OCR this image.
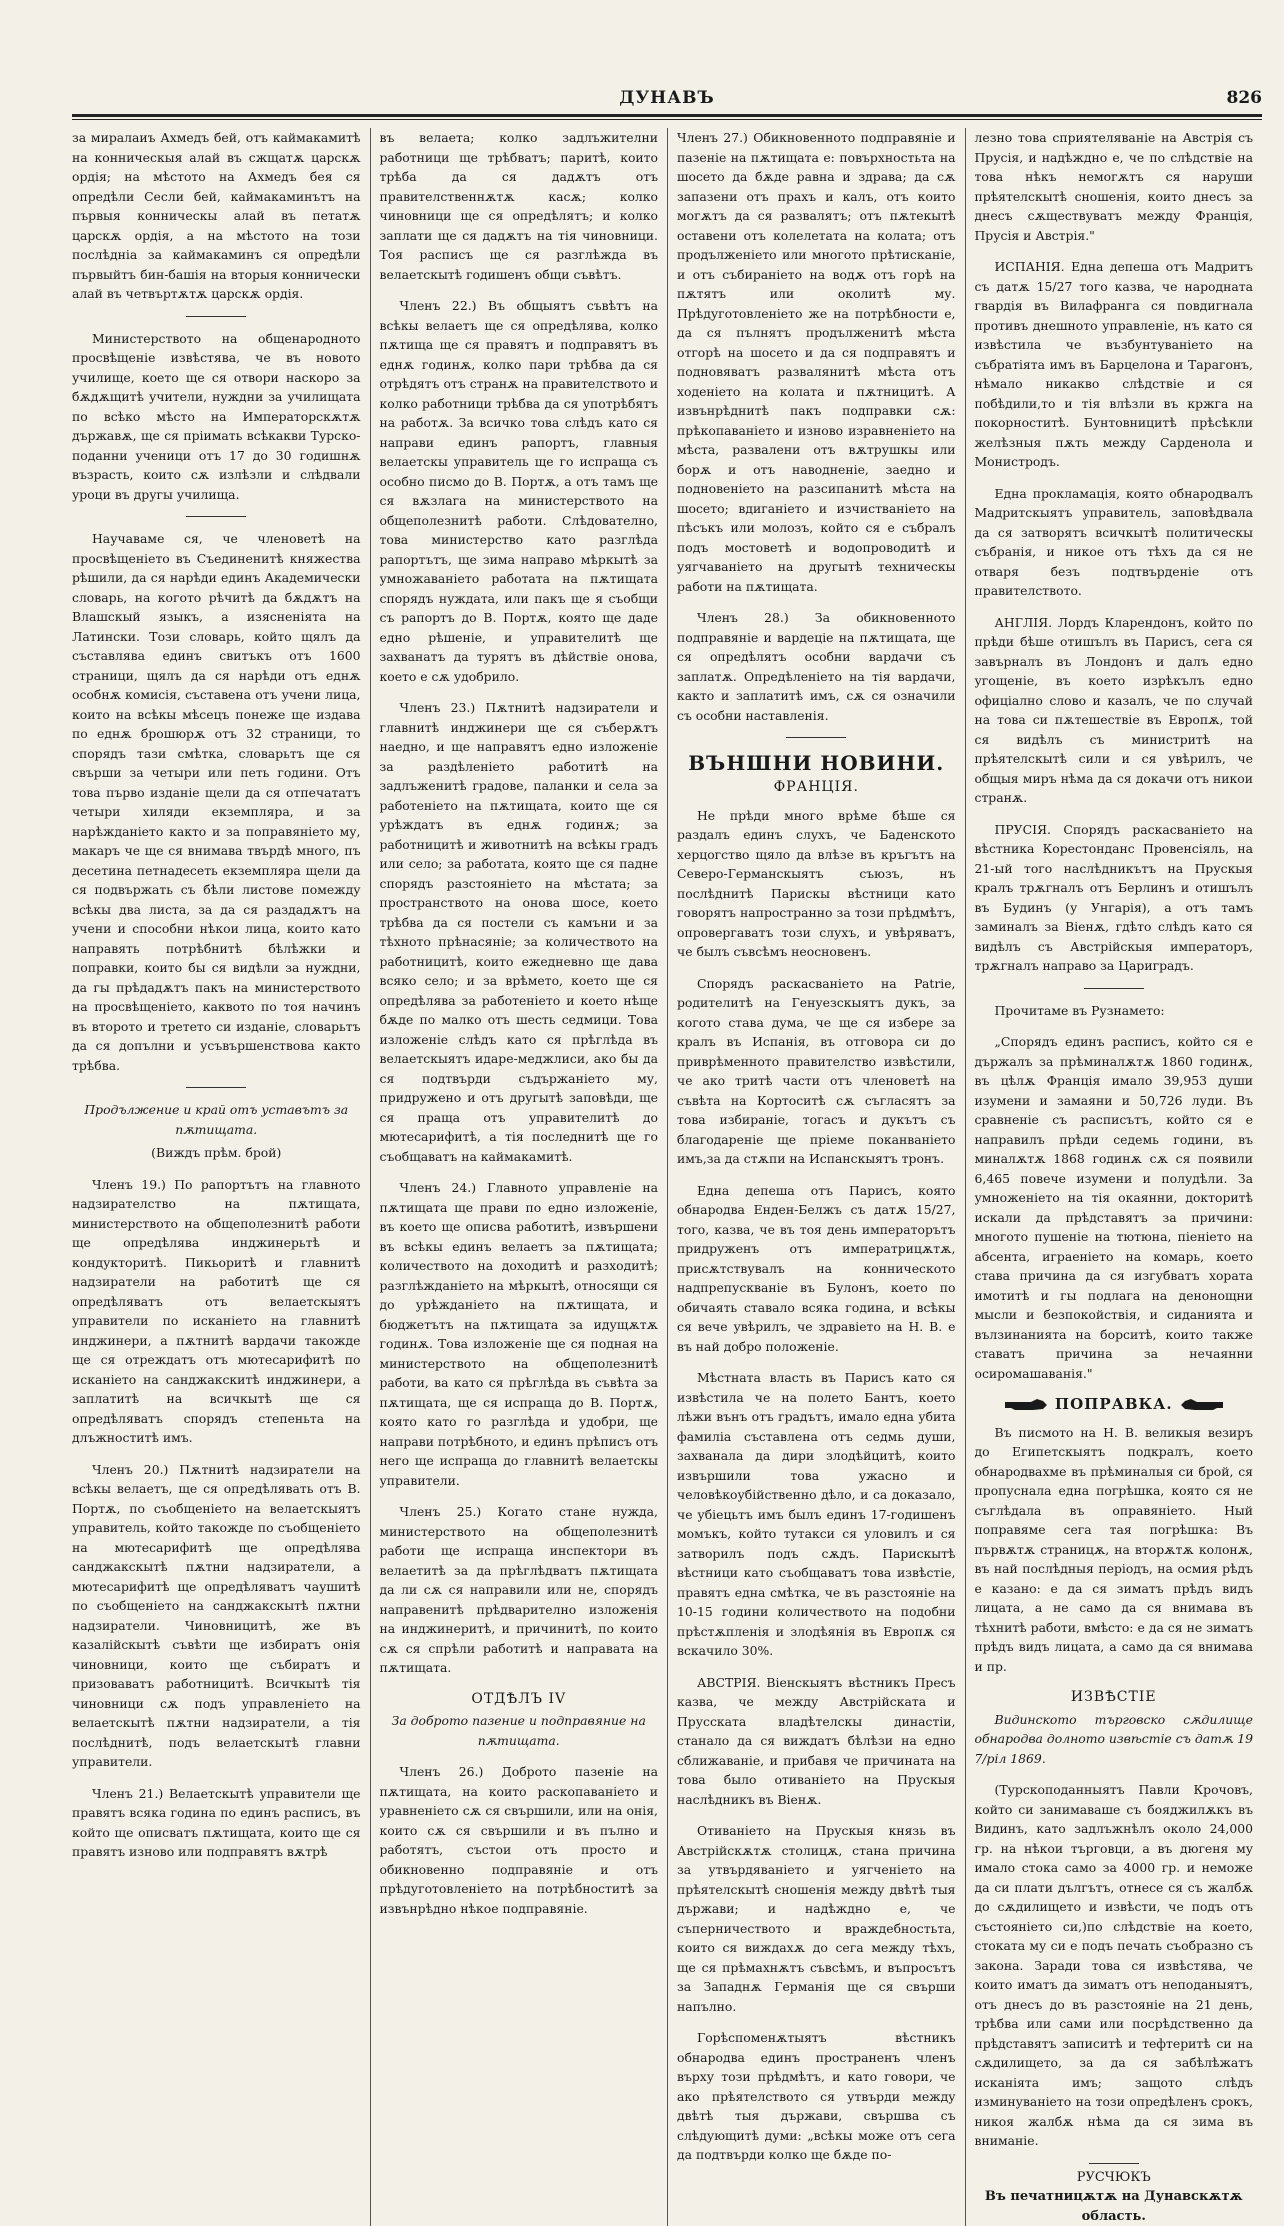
ДУНАВЪ	826

за миралаиъ Ахмедъ бей, отъ каймакамитѣ на конническыя алай въ сжщатѫ царскѫ ордія; на мѣстото на Ахмедъ бея ся опредѣли Сесли бей, каймакаминътъ на първыя конническы алай въ петатѫ царскѫ ордія, а на мѣстото на този послѣдніа за каймакаминъ ся опредѣли първыйтъ бин-башія на вторыя коннически алай въ четвъртѫтѫ царскѫ ордія.

Министерството на общенародното просвѣщеніе извѣстява, че въ новото училище, което ще ся отвори наскоро за бѫдѫщитѣ учители, нуждни за училищата по всѣко мѣсто на Императорскѫтѫ държавѫ, ще ся пріимать всѣкакви Турско-поданни ученици отъ 17 до 30 годишнѫ възрасть, които сѫ излѣзли и слѣдвали уроци въ другы училища.

Научаваме ся, че членоветѣ на просвѣщеніето въ Съединенитѣ княжества рѣшили, да ся нарѣди единъ Академически словарь, на когото рѣчитѣ да бѫдѫтъ на Влашскый языкъ, а изясненіята на Латински. Този словарь, който щялъ да съставлява единъ свитъкъ отъ 1600 страници, щялъ да ся нарѣди отъ еднѫ особнѫ комисія, съставена отъ учени лица, които на всѣкы мѣсецъ понеже ще издава по еднѫ брошюрѫ отъ 32 страници, то спорядъ тази смѣтка, словарьтъ ще ся свърши за четыри или петь години. Отъ това първо изданіе щели да ся отпечататъ четыри хиляди екземпляра, и за нарѣжданіето както и за поправяніето му, макаръ че ще ся внимава твърдѣ много, пъ десетина петнадесеть екземпляра щели да ся подвържать съ бѣли листове помежду всѣкы два листа, за да ся раздадѫтъ на учени и способни нѣкои лица, които като направять потрѣбнитѣ бѣлѣжки и поправки, които бы ся видѣли за нуждни, да гы прѣдадѫтъ пакъ на министерството на просвѣщеніето, каквото по тоя начинъ въ второто и третето си изданіе, словарьтъ да ся допълни и усъвършенствова както трѣбва.

Продължение и край отъ уставътъ за пѫтищата.

(Виждъ прѣм. брой)

Членъ 19.) По рапортътъ на главното надзирателство на пѫтищата, министерството на общеполезнитѣ работи ще опредѣлява инджинерьтѣ и кондукторитѣ. Пикьоритѣ и главнитѣ надзиратели на работитѣ ще ся опредѣляватъ отъ велаетскыятъ управители по исканіето на главнитѣ инджинери, а пѫтнитѣ вардачи такожде ще ся отреждатъ отъ мютесарифитѣ по исканіето на санджакскитѣ инджинери, а заплатитѣ на всичкытѣ ще ся опредѣляватъ спорядъ степеньта на длъжноститѣ имъ.

Членъ 20.) Пѫтнитѣ надзиратели на всѣкы велаетъ, ще ся опредѣлявать отъ В. Портѫ, по съобщеніето на велаетскыятъ управитель, който такожде по съобщеніето на мютесарифитѣ ще опредѣлява санджакскытѣ пѫтни надзиратели, а мютесарифитѣ ще опредѣляватъ чаушитѣ по съобщеніето на санджакскытѣ пѫтни надзиратели. Чиновницитѣ, же въ казалійскытѣ съвѣти ще избиратъ онія чиновници, които ще събиратъ и призоваватъ работницитѣ. Всичкытѣ тія чиновници сѫ подъ управленіето на велаетскытѣ пѫтни надзиратели, а тія послѣднитѣ, подъ велаетскытѣ главни управители.

Членъ 21.) Велаетскытѣ управители ще правятъ всяка година по единъ расписъ, въ който ще описватъ пѫтищата, които ще ся правятъ изново или подправятъ вѫтрѣ

въ велаета; колко задлъжителни работници ще трѣбватъ; паритѣ, които трѣба да ся дадѫтъ отъ правителственнѫтѫ касѫ; колко чиновници ще ся опредѣлятъ; и колко заплати ще ся дадѫтъ на тія чиновници. Тоя расписъ ще ся разглѣжда въ велаетскытѣ годишенъ общи съвѣтъ.

Членъ 22.) Въ общыятъ съвѣтъ на всѣкы велаетъ ще ся опредѣлява, колко пѫтища ще ся правятъ и подправятъ въ еднѫ годинѫ, колко пари трѣбва да ся отрѣдятъ отъ странѫ на правителството и колко работници трѣбва да ся употрѣбятъ на работѫ. За всичко това слѣдъ като ся направи единъ рапортъ, главныя велаетскы управитель ще го испраща съ особно писмо до В. Портѫ, а отъ тамъ ще ся вѫзлага на министерството на общеполезнитѣ работи. Слѣдователно, това министерство като разглѣда рапортътъ, ще зима направо мѣркытѣ за умножаваніето работата на пѫтищата спорядъ нуждата, или пакъ ще я съобщи съ рапортъ до В. Портѫ, която ще даде едно рѣшеніе, и управителитѣ ще захванатъ да турятъ въ дѣйствіе онова, което е сѫ удобрило.

Членъ 23.) Пѫтнитѣ надзиратели и главнитѣ инджинери ще ся съберѫтъ наедно, и ще направятъ едно изложеніе за раздѣленіето работитѣ на задлъженитѣ градове, паланки и села за работеніето на пѫтищата, които ще ся урѣждатъ въ еднѫ годинѫ; за работницитѣ и животнитѣ на всѣкы градъ или село; за работата, която ще ся падне спорядъ разстояніето на мѣстата; за пространството на онова шосе, което трѣбва да ся постели съ камъни и за тѣхното прѣнасяніе; за количеството на работницитѣ, които ежедневно ще дава всяко село; и за врѣмето, което ще ся опредѣлява за работеніето и което нѣще бѫде по малко отъ шесть седмици. Това изложеніе слѣдъ като ся прѣглѣда въ велаетскыятъ идаре-меджлиси, ако бы да ся подтвърди съдържаніето му, придружено и отъ другытѣ заповѣди, ще ся праща отъ управителитѣ до мютесарифитѣ, а тія последнитѣ ще го съобщаватъ на каймакамитѣ.

Членъ 24.) Главното управленіе на пѫтищата ще прави по едно изложеніе, въ което ще описва работитѣ, извършени въ всѣкы единъ велаетъ за пѫтищата; количеството на доходитѣ и разходитѣ; разглѣжданіето на мѣркытѣ, относящи ся до урѣжданіето на пѫтищата, и бюджетътъ на пѫтищата за идущѫтѫ годинѫ. Това изложеніе ще ся подная на министерството на общеполезнитѣ работи, ва като ся прѣглѣда въ съвѣта за пѫтищата, ще ся испраща до В. Портѫ, която като го разглѣда и удобри, ще направи потрѣбното, и единъ прѣписъ отъ него ще испраща до главнитѣ велаетскы управители.

Членъ 25.) Когато стане нужда, министерството на общеполезнитѣ работи ще испраща инспектори въ велаетитѣ за да прѣглѣдватъ пѫтищата да ли сѫ ся направили или не, спорядъ направенитѣ прѣдварително изложенія на инджинеритѣ, и причинитѣ, по които сѫ ся спрѣли работитѣ и направата на пѫтищата.

ОТДѢЛЪ IV

За доброто пазение и подправяние на пѫтищата.

Членъ 26.) Доброто пазеніе на пѫтищата, на които раскопаваніето и уравненіето сѫ ся свършили, или на онія, които сѫ ся свършили и въ пълно и работятъ, състои отъ просто и обикновенно подправяніе и отъ прѣдуготовленіето на потрѣбноститѣ за извънрѣдно нѣкое подправяніе.

Членъ 27.) Обикновенното подправяніе и пазеніе на пѫтищата е: повърхностьта на шосето да бѫде равна и здрава; да сѫ запазени отъ прахъ и калъ, отъ които могѫтъ да ся развалятъ; отъ пѫтекытѣ оставени отъ колелетата на колата; отъ продълженіето или многото прѣтисканіе, и отъ събираніето на водѫ отъ горѣ на пѫтятъ или околитѣ му. Прѣдуготовленіето же на потрѣбности е, да ся пълнятъ продълженитѣ мѣста отгорѣ на шосето и да ся подправятъ и подновяватъ развалянитѣ мѣста отъ ходеніето на колата и пѫтницитѣ. А извънрѣднитѣ пакъ подправки сѫ: прѣкопаваніето и изново изравненіето на мѣста, развалени отъ вѫтрушкы или борѫ и отъ наводненіе, заедно и подновеніето на разсипанитѣ мѣста на шосето; вдиганіето и изчистваніето на пѣсъкъ или молозъ, който ся е събралъ подъ мостоветѣ и водопроводитѣ и уягчаваніето на другытѣ техническы работи на пѫтищата.

Членъ 28.) За обикновенното подправяніе и вардеціе на пѫтищата, ще ся опредѣлятъ особни вардачи съ заплатѫ. Опредѣленіето на тія вардачи, както и заплатитѣ имъ, сѫ ся означили съ особни наставленія.

ВЪНШНИ НОВИНИ.
ФРАНЦІЯ.

Не прѣди много врѣме бѣше ся раздалъ единъ слухъ, че Баденското херцогство щяло да влѣзе въ кръгътъ на Северо-Германскыятъ съюзъ, нъ послѣднитѣ Парискы вѣстници като говорятъ напространно за този прѣдмѣтъ, опровергаватъ този слухъ, и увѣряватъ, че былъ съвсѣмъ неосновенъ.

Спорядъ раскасваніето на Patrie, родителитѣ на Генуезскыятъ дукъ, за когото става дума, че ще ся избере за кралъ въ Испанія, въ отговора си до приврѣменното правителство извѣстили, че ако тритѣ части отъ членоветѣ на съвѣта на Кортоситѣ сѫ съгласятъ за това избираніе, тогасъ и дукътъ съ благодареніе ще пріеме поканваніето имъ,за да стѫпи на Испанскыятъ тронъ.

Една депеша отъ Парисъ, която обнародва Енден-Белжъ съ датѫ 15/27, того, казва, че въ тоя день императорътъ придруженъ отъ императрицѫтѫ, присѫтствувалъ на конническото надпрепускваніе въ Булонъ, което по обичаять ставало всяка година, и всѣкы ся вече увѣрилъ, че здравіето на Н. В. е въ най добро положеніе.

Мѣстната власть въ Парисъ като ся извѣстила че на полето Бантъ, което лѣжи вънъ отъ градътъ, имало една убита фамиліа съставлена отъ седмь души, захванала да дири злодѣйцитѣ, които извършили това ужасно и человѣкоубійственно дѣло, и са доказало, че убіецьтъ имъ былъ единъ 17-годишенъ момъкъ, който тутакси ся уловилъ и ся затворилъ подъ сѫдъ. Парискытѣ вѣстници като съобщаватъ това извѣстіе, правятъ една смѣтка, че въ разстояніе на 10-15 години количеството на подобни прѣстѫпленія и злодѣянія въ Европѫ ся вскачило 30%.

АВСТРІЯ. Віенскыятъ вѣстникъ Пресъ казва, че между Австрійската и Прусската владѣтелскы династіи, станало да ся виждатъ бѣлѣзи на едно сближаваніе, и прибавя че причината на това было отиваніето на Прускыя наслѣдникъ въ Віенѫ.

Отиваніето на Прускыя князь въ Австрійскѫтѫ столицѫ, стана причина за утвърдяваніето и уягченіето на прѣятелскытѣ сношенія между двѣтѣ тыя държави; и надѣждно е, че съперничеството и враждебностьта, които ся виждахѫ до сега между тѣхъ, ще ся прѣмахнѫтъ съвсѣмъ, и въпросътъ за Западнѫ Германія ще ся свърши напълно.

Горѣспоменѫтыятъ вѣстникъ обнародва единъ пространенъ членъ върху този прѣдмѣтъ, и като говори, че ако прѣятелството ся утвърди между двѣтѣ тыя държави, свършва съ слѣдующитѣ думи: „всѣкы може отъ сега да подтвърди колко ще бѫде по-

лезно това сприятеляваніе на Австрія съ Прусія, и надѣждно е, че по слѣдствіе на това нѣкъ немогѫтъ ся наруши прѣятелскытѣ сношенія, които днесъ за днесъ сѫществуватъ между Франція, Прусія и Австрія."

ИСПАНІЯ. Една депеша отъ Мадритъ съ датѫ 15/27 того казва, че народната гвардія въ Вилафранга ся повдигнала противъ днешното управленіе, нъ като ся извѣстила че възбунтуваніето на събратіята имъ въ Барцелона и Тарагонъ, нѣмало никакво слѣдствіе и ся побѣдили,то и тія влѣзли въ кржга на покорноститѣ. Бунтовницитѣ прѣсѣкли желѣзныя пѫть между Сарденола и Монистродъ.

Една прокламація, която обнародвалъ Мадритскыятъ управитель, заповѣдвала да ся затворятъ всичкытѣ политическы събранія, и никое отъ тѣхъ да ся не отваря безъ подтвърденіе отъ правителството.

АНГЛІЯ. Лордъ Кларендонъ, който по прѣди бѣше отишълъ въ Парисъ, сега ся завърналъ въ Лондонъ и далъ едно угощеніе, въ което изрѣкълъ едно офиціално слово и казалъ, че по случай на това си пѫтешествіе въ Европѫ, той ся видѣлъ съ министритѣ на прѣятелскытѣ сили и ся увѣрилъ, че общыя миръ нѣма да ся докачи отъ никои странѫ.

ПРУСІЯ. Спорядъ раскасваніето на вѣстника Корестонданс Провенсіяль, на 21-ый того наслѣдникътъ на Прускыя кралъ трѫгналъ отъ Берлинъ и отишълъ въ Будинъ (у Унгарія), а отъ тамъ заминалъ за Віенѫ, гдѣто слѣдъ като ся видѣлъ съ Австрійскыя императоръ, трѫгналъ направо за Цариградъ.

Прочитаме въ Рузнамето:

„Спорядъ единъ расписъ, който ся е държалъ за прѣминалѫтѫ 1860 годинѫ, въ цѣлѫ Франція имало 39,953 души изумени и замаяни и 50,726 луди. Въ сравненіе съ расписътъ, който ся е направилъ прѣди седемь години, въ миналѫтѫ 1868 годинѫ сѫ ся появили 6,465 повече изумени и полудѣли. За умноженіето на тія окаянни, докторитѣ искали да прѣдставятъ за причини: многото пушеніе на тютюна, піеніето на абсента, играеніето на комарь, което става причина да ся изгубватъ хората имотитѣ и гы подлага на денонощни мысли и безпокойствія, и сиданията и вълзинанията на борситѣ, които также ставатъ причина за нечаянни осиромашаванія."

ПОПРАВКА.

Въ писмото на Н. В. великыя везиръ до Египетскыятъ подкралъ, което обнародвахме въ прѣминалыя си брой, ся пропуснала една погрѣшка, която ся не съглѣдала въ оправяніето. Ный поправяме сега тая погрѣшка: Въ първѫтѫ страницѫ, на вторѫтѫ колонѫ, въ най послѣдныя періодъ, на осмия рѣдъ е казано: е да ся зиматъ прѣдъ видъ лицата, а не само да ся внимава въ тѣхнитѣ работи, вмѣсто: е да ся не зиматъ прѣдъ видъ лицата, а само да ся внимава и пр.

ИЗВѢСТІЕ

Видинското търговско сѫдилище обнародва долното извѣстіе съ датѫ 19 7/ріл 1869.

(Турскоподанныятъ Павли Крочовъ, който си занимаваше съ бояджилѫкъ въ Видинъ, като задлъжнѣлъ около 24,000 гр. на нѣкои търговци, а въ дюгеня му имало стока само за 4000 гр. и неможе да си плати дългътъ, отнесе ся съ жалбѫ до сѫдилището и извѣсти, че подъ отъ състояніето си,)по слѣдствіе на което, стоката му си е подъ печать съобразно съ закона. Заради това ся извѣстява, че които иматъ да зиматъ отъ неподаныятъ, отъ днесъ до въ разстояніе на 21 день, трѣбва или сами или посрѣдственно да прѣдставятъ записитѣ и тефтеритѣ си на сѫдилището, за да ся забѣлѣжатъ исканіята имъ; защото слѣдъ изминуваніето на този опредѣленъ срокъ, никоя жалбѫ нѣма да ся зима въ вниманіе.

РУСЧЮКЪ
Въ печатницѫтѫ на Дунавскѫтѫ область.
